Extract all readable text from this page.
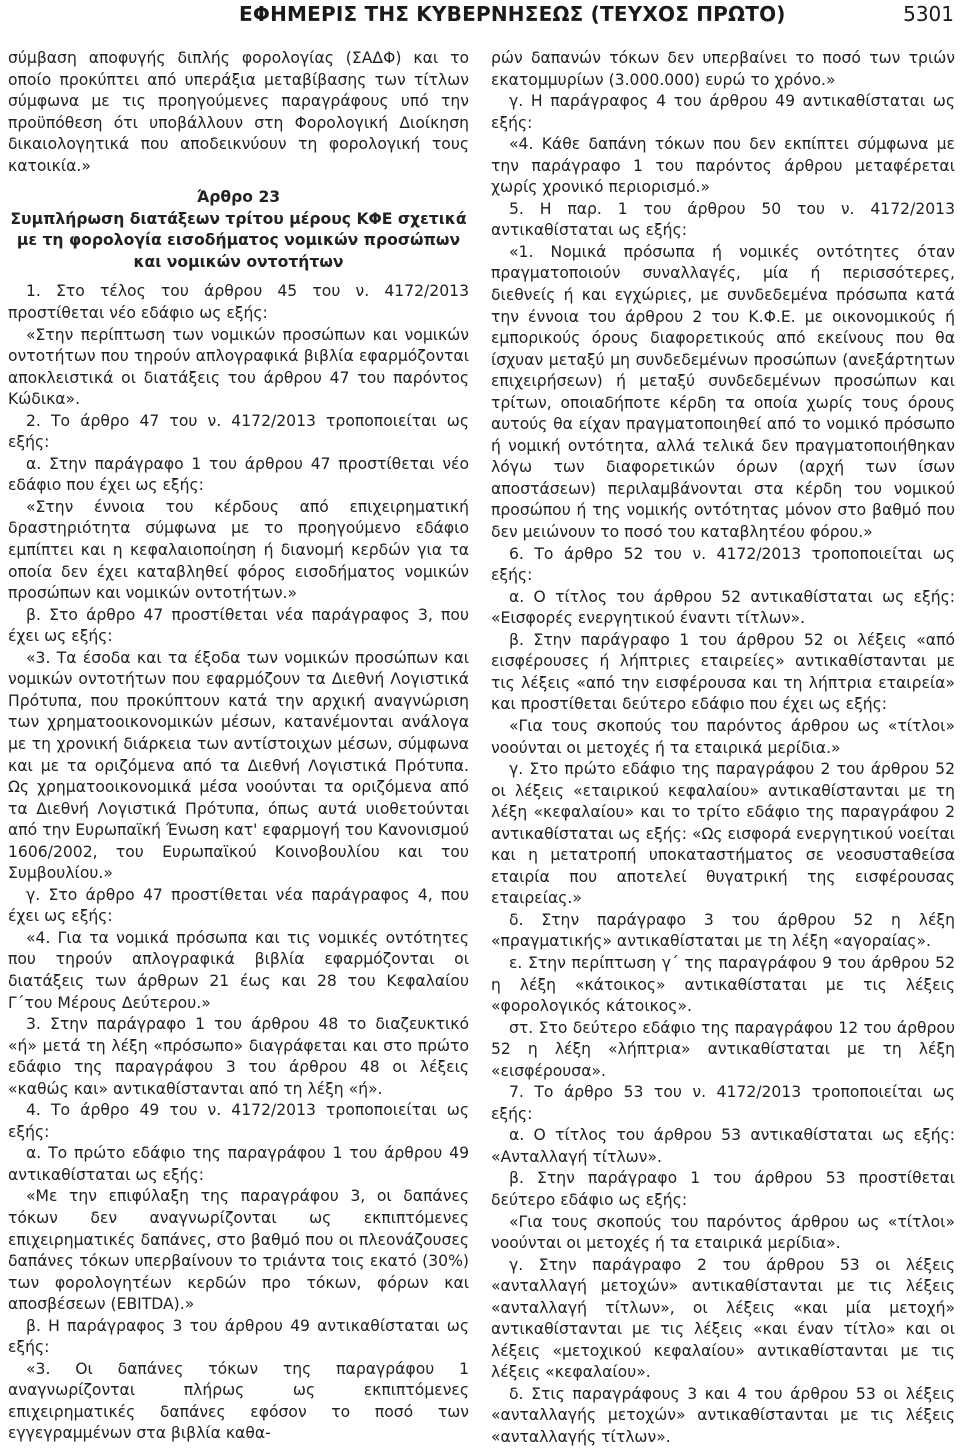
ΕΦΗΜΕΡΙΣ ΤΗΣ ΚΥΒΕΡΝΗΣΕΩΣ (ΤΕΥΧΟΣ ΠΡΩΤΟ)	5301

σύμβαση αποφυγής διπλής φορολογίας (ΣΑΔΦ) και το οποίο προκύπτει από υπεράξια μεταβίβασης των τίτλων σύμφωνα με τις προηγούμενες παραγράφους υπό την προϋπόθεση ότι υποβάλλουν στη Φορολογική Διοίκηση δικαιολογητικά που αποδεικνύουν τη φορολογική τους κατοικία.»

Άρθρο 23

Συμπλήρωση διατάξεων τρίτου μέρους ΚΦΕ σχετικά με τη φορολογία εισοδήματος νομικών προσώπων και νομικών οντοτήτων

1. Στο τέλος του άρθρου 45 του ν. 4172/2013 προστίθεται νέο εδάφιο ως εξής:

«Στην περίπτωση των νομικών προσώπων και νομικών οντοτήτων που τηρούν απλογραφικά βιβλία εφαρμόζονται αποκλειστικά οι διατάξεις του άρθρου 47 του παρόντος Κώδικα».

2. Το άρθρο 47 του ν. 4172/2013 τροποποιείται ως εξής:

α. Στην παράγραφο 1 του άρθρου 47 προστίθεται νέο εδάφιο που έχει ως εξής:

«Στην έννοια του κέρδους από επιχειρηματική δραστηριότητα σύμφωνα με το προηγούμενο εδάφιο εμπίπτει και η κεφαλαιοποίηση ή διανομή κερδών για τα οποία δεν έχει καταβληθεί φόρος εισοδήματος νομικών προσώπων και νομικών οντοτήτων.»

β. Στο άρθρο 47 προστίθεται νέα παράγραφος 3, που έχει ως εξής:

«3. Τα έσοδα και τα έξοδα των νομικών προσώπων και νομικών οντοτήτων που εφαρμόζουν τα Διεθνή Λογιστικά Πρότυπα, που προκύπτουν κατά την αρχική αναγνώριση των χρηματοοικονομικών μέσων, κατανέμονται ανάλογα με τη χρονική διάρκεια των αντίστοιχων μέσων, σύμφωνα και με τα οριζόμενα από τα Διεθνή Λογιστικά Πρότυπα. Ως χρηματοοικονομικά μέσα νοούνται τα οριζόμενα από τα Διεθνή Λογιστικά Πρότυπα, όπως αυτά υιοθετούνται από την Ευρωπαϊκή Ένωση κατ' εφαρμογή του Κανονισμού 1606/2002, του Ευρωπαϊκού Κοινοβουλίου και του Συμβουλίου.»

γ. Στο άρθρο 47 προστίθεται νέα παράγραφος 4, που έχει ως εξής:

«4. Για τα νομικά πρόσωπα και τις νομικές οντότητες που τηρούν απλογραφικά βιβλία εφαρμόζονται οι διατάξεις των άρθρων 21 έως και 28 του Κεφαλαίου Γ΄του Μέρους Δεύτερου.»

3. Στην παράγραφο 1 του άρθρου 48 το διαζευκτικό «ή» μετά τη λέξη «πρόσωπο» διαγράφεται και στο πρώτο εδάφιο της παραγράφου 3 του άρθρου 48 οι λέξεις «καθώς και» αντικαθίστανται από τη λέξη «ή».

4. Το άρθρο 49 του ν. 4172/2013 τροποποιείται ως εξής:

α. Το πρώτο εδάφιο της παραγράφου 1 του άρθρου 49 αντικαθίσταται ως εξής:

«Με την επιφύλαξη της παραγράφου 3, οι δαπάνες τόκων δεν αναγνωρίζονται ως εκπιπτόμενες επιχειρηματικές δαπάνες, στο βαθμό που οι πλεονάζουσες δαπάνες τόκων υπερβαίνουν το τριάντα τοις εκατό (30%) των φορολογητέων κερδών προ τόκων, φόρων και αποσβέσεων (EBITDA).»

β. Η παράγραφος 3 του άρθρου 49 αντικαθίσταται ως εξής:

«3. Οι δαπάνες τόκων της παραγράφου 1 αναγνωρίζονται πλήρως ως εκπιπτόμενες επιχειρηματικές δαπάνες εφόσον το ποσό των εγγεγραμμένων στα βιβλία καθα-

ρών δαπανών τόκων δεν υπερβαίνει το ποσό των τριών εκατομμυρίων (3.000.000) ευρώ το χρόνο.»

γ. Η παράγραφος 4 του άρθρου 49 αντικαθίσταται ως εξής:

«4. Κάθε δαπάνη τόκων που δεν εκπίπτει σύμφωνα με την παράγραφο 1 του παρόντος άρθρου μεταφέρεται χωρίς χρονικό περιορισμό.»

5. Η παρ. 1 του άρθρου 50 του ν. 4172/2013 αντικαθίσταται ως εξής:

«1. Νομικά πρόσωπα ή νομικές οντότητες όταν πραγματοποιούν συναλλαγές, μία ή περισσότερες, διεθνείς ή και εγχώριες, με συνδεδεμένα πρόσωπα κατά την έννοια του άρθρου 2 του Κ.Φ.Ε. με οικονομικούς ή εμπορικούς όρους διαφορετικούς από εκείνους που θα ίσχυαν μεταξύ μη συνδεδεμένων προσώπων (ανεξάρτητων επιχειρήσεων) ή μεταξύ συνδεδεμένων προσώπων και τρίτων, οποιαδήποτε κέρδη τα οποία χωρίς τους όρους αυτούς θα είχαν πραγματοποιηθεί από το νομικό πρόσωπο ή νομική οντότητα, αλλά τελικά δεν πραγματοποιήθηκαν λόγω των διαφορετικών όρων (αρχή των ίσων αποστάσεων) περιλαμβάνονται στα κέρδη του νομικού προσώπου ή της νομικής οντότητας μόνον στο βαθμό που δεν μειώνουν το ποσό του καταβλητέου φόρου.»

6. Το άρθρο 52 του ν. 4172/2013 τροποποιείται ως εξής:

α. Ο τίτλος του άρθρου 52 αντικαθίσταται ως εξής: «Εισφορές ενεργητικού έναντι τίτλων».

β. Στην παράγραφο 1 του άρθρου 52 οι λέξεις «από εισφέρουσες ή λήπτριες εταιρείες» αντικαθίστανται με τις λέξεις «από την εισφέρουσα και τη λήπτρια εταιρεία» και προστίθεται δεύτερο εδάφιο που έχει ως εξής:

«Για τους σκοπούς του παρόντος άρθρου ως «τίτλοι» νοούνται οι μετοχές ή τα εταιρικά μερίδια.»

γ. Στο πρώτο εδάφιο της παραγράφου 2 του άρθρου 52 οι λέξεις «εταιρικού κεφαλαίου» αντικαθίστανται με τη λέξη «κεφαλαίου» και το τρίτο εδάφιο της παραγράφου 2 αντικαθίσταται ως εξής: «Ως εισφορά ενεργητικού νοείται και η μετατροπή υποκαταστήματος σε νεοσυσταθείσα εταιρία που αποτελεί θυγατρική της εισφέρουσας εταιρείας.»

δ. Στην παράγραφο 3 του άρθρου 52 η λέξη «πραγματικής» αντικαθίσταται με τη λέξη «αγοραίας».

ε. Στην περίπτωση γ΄ της παραγράφου 9 του άρθρου 52 η λέξη «κάτοικος» αντικαθίσταται με τις λέξεις «φορολογικός κάτοικος».

στ. Στο δεύτερο εδάφιο της παραγράφου 12 του άρθρου 52 η λέξη «λήπτρια» αντικαθίσταται με τη λέξη «εισφέρουσα».

7. Το άρθρο 53 του ν. 4172/2013 τροποποιείται ως εξής:

α. Ο τίτλος του άρθρου 53 αντικαθίσταται ως εξής: «Ανταλλαγή τίτλων».

β. Στην παράγραφο 1 του άρθρου 53 προστίθεται δεύτερο εδάφιο ως εξής:

«Για τους σκοπούς του παρόντος άρθρου ως «τίτλοι» νοούνται οι μετοχές ή τα εταιρικά μερίδια».

γ. Στην παράγραφο 2 του άρθρου 53 οι λέξεις «ανταλλαγή μετοχών» αντικαθίστανται με τις λέξεις «ανταλλαγή τίτλων», οι λέξεις «και μία μετοχή» αντικαθίστανται με τις λέξεις «και έναν τίτλο» και οι λέξεις «μετοχικού κεφαλαίου» αντικαθίστανται με τις λέξεις «κεφαλαίου».

δ. Στις παραγράφους 3 και 4 του άρθρου 53 οι λέξεις «ανταλλαγής μετοχών» αντικαθίστανται με τις λέξεις «ανταλλαγής τίτλων».
